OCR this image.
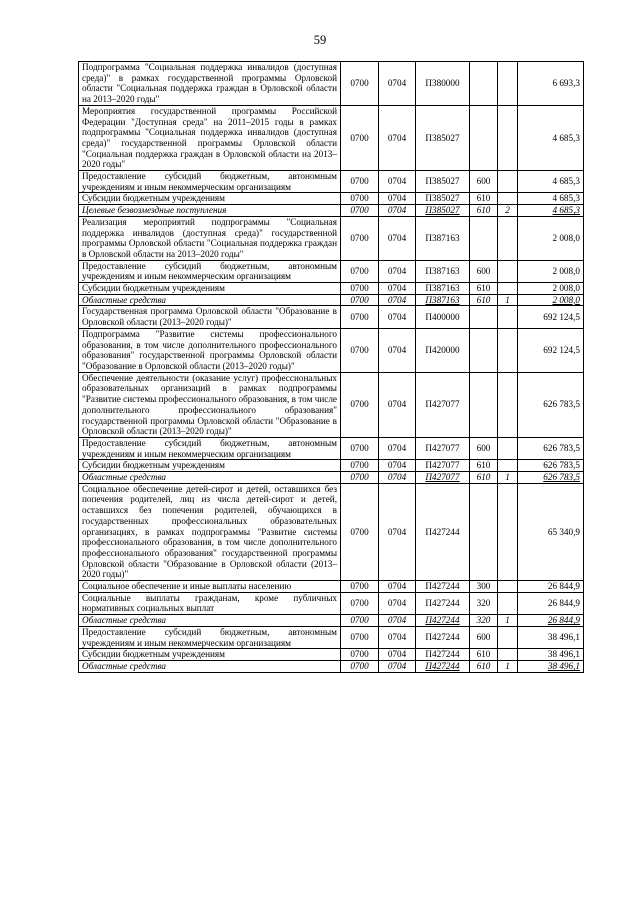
59
Подпрограмма "Социальная поддержка инвалидов (доступная среда)" в рамках государственной программы Орловской области "Социальная поддержка граждан в Орловской области на 2013–2020 годы"	0700	0704	П380000			6 693,3
Мероприятия государственной программы Российской Федерации "Доступная среда" на 2011–2015 годы в рамках подпрограммы "Социальная поддержка инвалидов (доступная среда)" государственной программы Орловской области "Социальная поддержка граждан в Орловской области на 2013–2020 годы"	0700	0704	П385027			4 685,3
Предоставление субсидий бюджетным, автономным учреждениям и иным некоммерческим организациям	0700	0704	П385027	600		4 685,3
Субсидии бюджетным учреждениям	0700	0704	П385027	610		4 685,3
Целевые безвозмездные поступления	0700	0704	П385027	610	2	4 685,3
Реализация мероприятий подпрограммы "Социальная поддержка инвалидов (доступная среда)" государственной программы Орловской области "Социальная поддержка граждан в Орловской области на 2013–2020 годы"	0700	0704	П387163			2 008,0
Предоставление субсидий бюджетным, автономным учреждениям и иным некоммерческим организациям	0700	0704	П387163	600		2 008,0
Субсидии бюджетным учреждениям	0700	0704	П387163	610		2 008,0
Областные средства	0700	0704	П387163	610	1	2 008,0
Государственная программа Орловской области "Образование в Орловской области (2013–2020 годы)"	0700	0704	П400000			692 124,5
Подпрограмма "Развитие системы профессионального образования, в том числе дополнительного профессионального образования" государственной программы Орловской области "Образование в Орловской области (2013–2020 годы)"	0700	0704	П420000			692 124,5
Обеспечение деятельности (оказание услуг) профессиональных образовательных организаций в рамках подпрограммы "Развитие системы профессионального образования, в том числе дополнительного профессионального образования" государственной программы Орловской области "Образование в Орловской области (2013–2020 годы)"	0700	0704	П427077			626 783,5
Предоставление субсидий бюджетным, автономным учреждениям и иным некоммерческим организациям	0700	0704	П427077	600		626 783,5
Субсидии бюджетным учреждениям	0700	0704	П427077	610		626 783,5
Областные средства	0700	0704	П427077	610	1	626 783,5
Социальное обеспечение детей-сирот и детей, оставшихся без попечения родителей, лиц из числа детей-сирот и детей, оставшихся без попечения родителей, обучающихся в государственных профессиональных образовательных организациях, в рамках подпрограммы "Развитие системы профессионального образования, в том числе дополнительного профессионального образования" государственной программы Орловской области "Образование в Орловской области (2013–2020 годы)"	0700	0704	П427244			65 340,9
Социальное обеспечение и иные выплаты населению	0700	0704	П427244	300		26 844,9
Социальные выплаты гражданам, кроме публичных нормативных социальных выплат	0700	0704	П427244	320		26 844,9
Областные средства	0700	0704	П427244	320	1	26 844,9
Предоставление субсидий бюджетным, автономным учреждениям и иным некоммерческим организациям	0700	0704	П427244	600		38 496,1
Субсидии бюджетным учреждениям	0700	0704	П427244	610		38 496,1
Областные средства	0700	0704	П427244	610	1	38 496,1
